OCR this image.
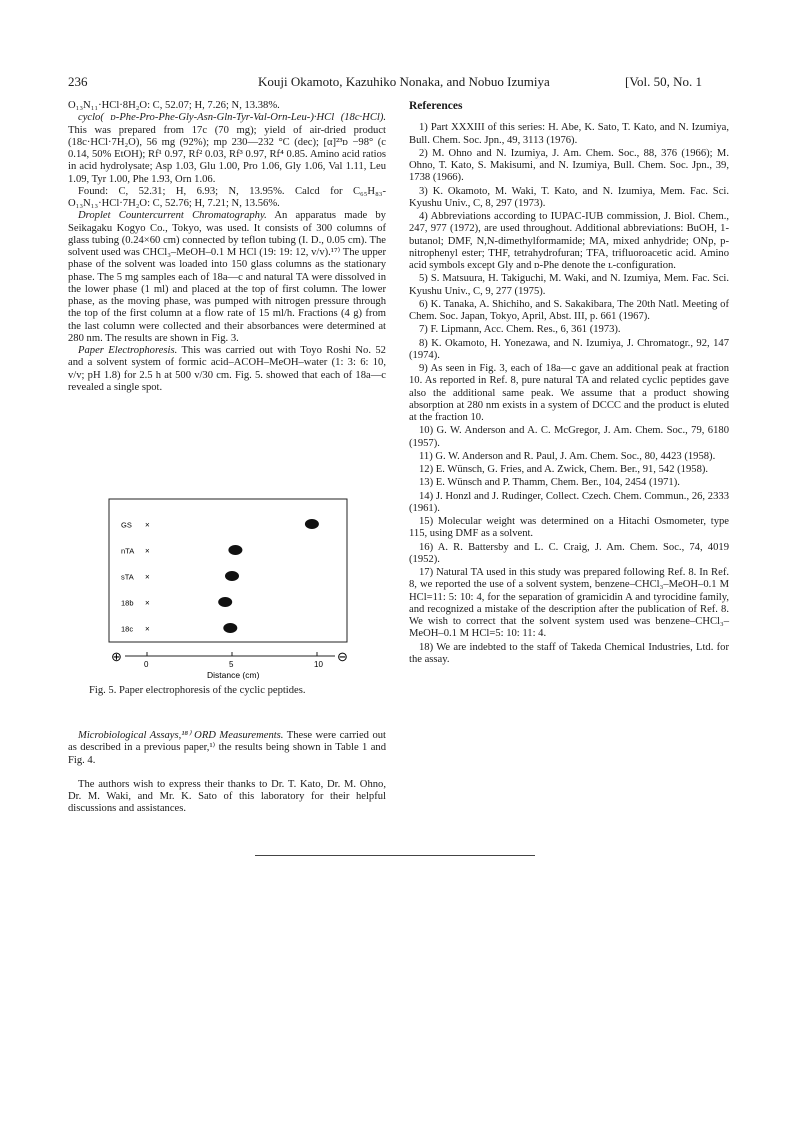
236	Kouji Okamoto, Kazuhiko Nonaka, and Nobuo Izumiya	[Vol. 50, No. 1

O₁₃N₁₁·HCl·8H₂O: C, 52.07; H, 7.26; N, 13.38%.

cyclo( ᴅ-Phe-Pro-Phe-Gly-Asn-Gln-Tyr-Val-Orn-Leu-)·HCl (18c·HCl). This was prepared from 17c (70 mg); yield of air-dried product (18c·HCl·7H₂O), 56 mg (92%); mp 230—232 °C (dec); [α]²³ᴅ −98° (c 0.14, 50% EtOH); Rf¹ 0.97, Rf² 0.03, Rf³ 0.97, Rf⁴ 0.85. Amino acid ratios in acid hydrolysate; Asp 1.03, Glu 1.00, Pro 1.06, Gly 1.06, Val 1.11, Leu 1.09, Tyr 1.00, Phe 1.93, Orn 1.06.

Found: C, 52.31; H, 6.93; N, 13.95%. Calcd for C₆₅H₈₃-O₁₃N₁₃·HCl·7H₂O: C, 52.76; H, 7.21; N, 13.56%.

Droplet Countercurrent Chromatography. An apparatus made by Seikagaku Kogyo Co., Tokyo, was used. It consists of 300 columns of glass tubing (0.24×60 cm) connected by teflon tubing (I. D., 0.05 cm). The solvent used was CHCl₃–MeOH–0.1 M HCl (19: 19: 12, v/v).¹⁷⁾ The upper phase of the solvent was loaded into 150 glass columns as the stationary phase. The 5 mg samples each of 18a—c and natural TA were dissolved in the lower phase (1 ml) and placed at the top of first column. The lower phase, as the moving phase, was pumped with nitrogen pressure through the top of the first column at a flow rate of 15 ml/h. Fractions (4 g) from the last column were collected and their absorbances were determined at 280 nm. The results are shown in Fig. 3.

Paper Electrophoresis. This was carried out with Toyo Roshi No. 52 and a solvent system of formic acid–ACOH–MeOH–water (1: 3: 6: 10, v/v; pH 1.8) for 2.5 h at 500 v/30 cm. Fig. 5. showed that each of 18a—c revealed a single spot.

GS ×
nTA ×
sTA ×
18b ×
18c ×
⊕	⊖
0	5	10
Distance (cm)
Fig. 5. Paper electrophoresis of the cyclic peptides.

Microbiological Assays,¹⁸⁾ ORD Measurements. These were carried out as described in a previous paper,¹⁾ the results being shown in Table 1 and Fig. 4.

The authors wish to express their thanks to Dr. T. Kato, Dr. M. Ohno, Dr. M. Waki, and Mr. K. Sato of this laboratory for their helpful discussions and assistances.

References

1) Part XXXIII of this series: H. Abe, K. Sato, T. Kato, and N. Izumiya, Bull. Chem. Soc. Jpn., 49, 3113 (1976).

2) M. Ohno and N. Izumiya, J. Am. Chem. Soc., 88, 376 (1966); M. Ohno, T. Kato, S. Makisumi, and N. Izumiya, Bull. Chem. Soc. Jpn., 39, 1738 (1966).

3) K. Okamoto, M. Waki, T. Kato, and N. Izumiya, Mem. Fac. Sci. Kyushu Univ., C, 8, 297 (1973).

4) Abbreviations according to IUPAC-IUB commission, J. Biol. Chem., 247, 977 (1972), are used throughout. Additional abbreviations: BuOH, 1-butanol; DMF, N,N-dimethylformamide; MA, mixed anhydride; ONp, p-nitrophenyl ester; THF, tetrahydrofuran; TFA, trifluoroacetic acid. Amino acid symbols except Gly and ᴅ-Phe denote the ʟ-configuration.

5) S. Matsuura, H. Takiguchi, M. Waki, and N. Izumiya, Mem. Fac. Sci. Kyushu Univ., C, 9, 277 (1975).

6) K. Tanaka, A. Shichiho, and S. Sakakibara, The 20th Natl. Meeting of Chem. Soc. Japan, Tokyo, April, Abst. III, p. 661 (1967).

7) F. Lipmann, Acc. Chem. Res., 6, 361 (1973).

8) K. Okamoto, H. Yonezawa, and N. Izumiya, J. Chromatogr., 92, 147 (1974).

9) As seen in Fig. 3, each of 18a—c gave an additional peak at fraction 10. As reported in Ref. 8, pure natural TA and related cyclic peptides gave also the additional same peak. We assume that a product showing absorption at 280 nm exists in a system of DCCC and the product is eluted at the fraction 10.

10) G. W. Anderson and A. C. McGregor, J. Am. Chem. Soc., 79, 6180 (1957).

11) G. W. Anderson and R. Paul, J. Am. Chem. Soc., 80, 4423 (1958).

12) E. Wünsch, G. Fries, and A. Zwick, Chem. Ber., 91, 542 (1958).

13) E. Wünsch and P. Thamm, Chem. Ber., 104, 2454 (1971).

14) J. Honzl and J. Rudinger, Collect. Czech. Chem. Commun., 26, 2333 (1961).

15) Molecular weight was determined on a Hitachi Osmometer, type 115, using DMF as a solvent.

16) A. R. Battersby and L. C. Craig, J. Am. Chem. Soc., 74, 4019 (1952).

17) Natural TA used in this study was prepared following Ref. 8. In Ref. 8, we reported the use of a solvent system, benzene–CHCl₃–MeOH–0.1 M HCl=11: 5: 10: 4, for the separation of gramicidin A and tyrocidine family, and recognized a mistake of the description after the publication of Ref. 8. We wish to correct that the solvent system used was benzene–CHCl₃–MeOH–0.1 M HCl=5: 10: 11: 4.

18) We are indebted to the staff of Takeda Chemical Industries, Ltd. for the assay.
